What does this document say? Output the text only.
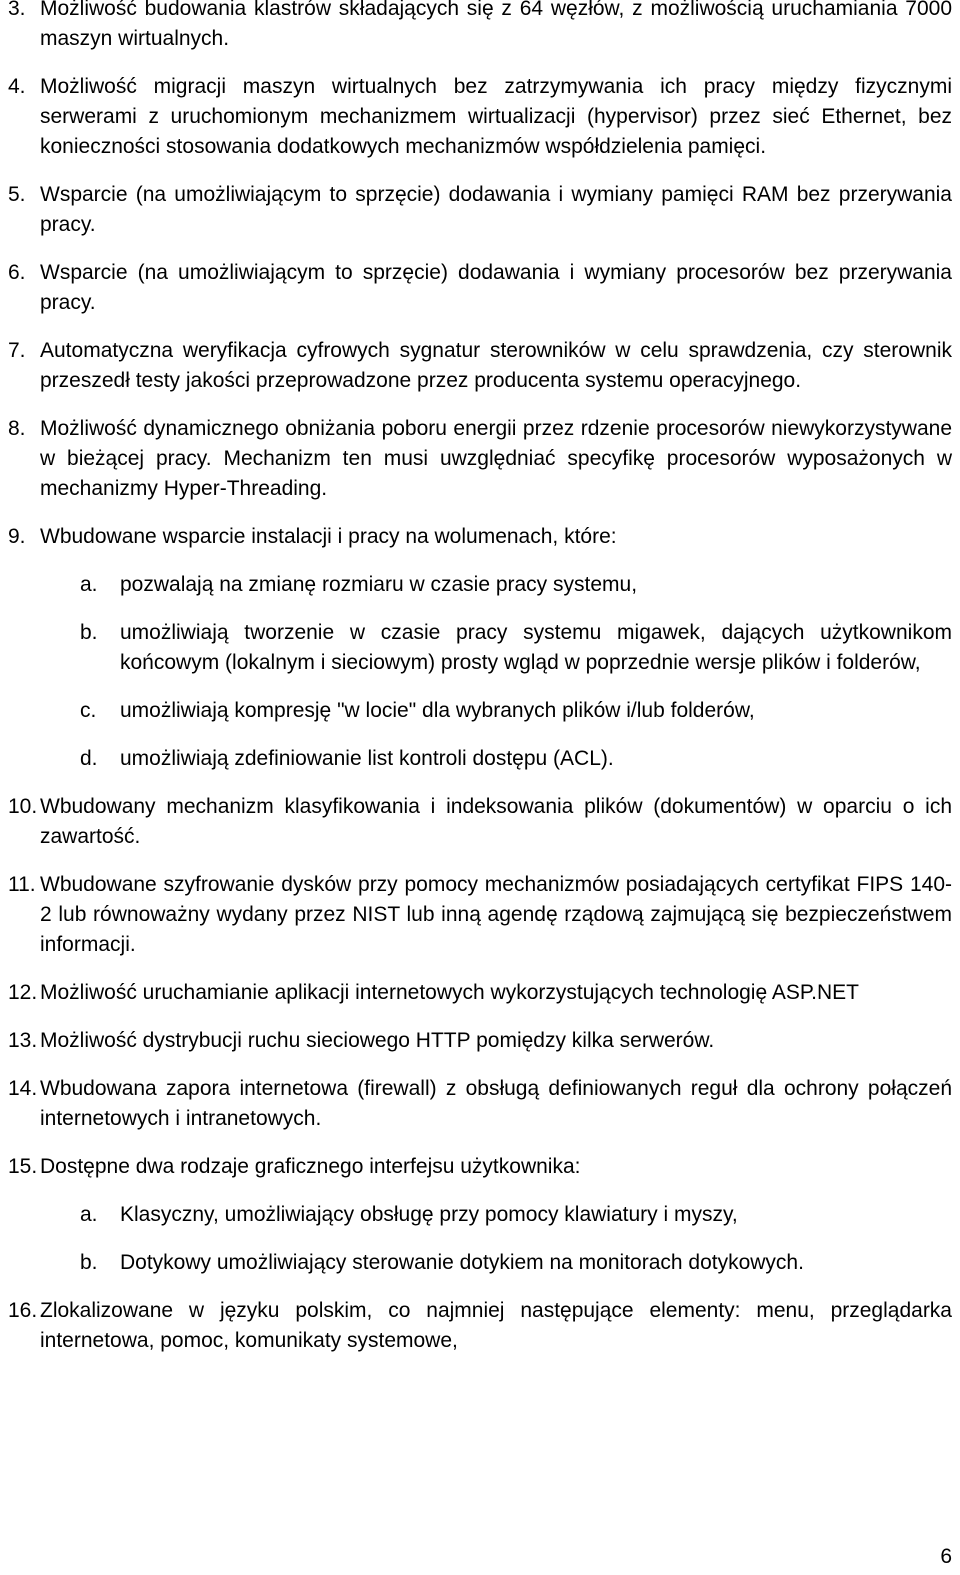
3. Możliwość budowania klastrów składających się z 64 węzłów, z możliwością uruchamiania 7000 maszyn wirtualnych.
4. Możliwość migracji maszyn wirtualnych bez zatrzymywania ich pracy między fizycznymi serwerami z uruchomionym mechanizmem wirtualizacji (hypervisor) przez sieć Ethernet, bez konieczności stosowania dodatkowych mechanizmów współdzielenia pamięci.
5. Wsparcie (na umożliwiającym to sprzęcie) dodawania i wymiany pamięci RAM bez przerywania pracy.
6. Wsparcie (na umożliwiającym to sprzęcie) dodawania i wymiany procesorów bez przerywania pracy.
7. Automatyczna weryfikacja cyfrowych sygnatur sterowników w celu sprawdzenia, czy sterownik przeszedł testy jakości przeprowadzone przez producenta systemu operacyjnego.
8. Możliwość dynamicznego obniżania poboru energii przez rdzenie procesorów niewykorzystywane w bieżącej pracy. Mechanizm ten musi uwzględniać specyfikę procesorów wyposażonych w mechanizmy Hyper-Threading.
9. Wbudowane wsparcie instalacji i pracy na wolumenach, które:
a.	pozwalają na zmianę rozmiaru w czasie pracy systemu,
b.	umożliwiają tworzenie w czasie pracy systemu migawek, dających użytkownikom końcowym (lokalnym i sieciowym) prosty wgląd w poprzednie wersje plików i folderów,
c.	umożliwiają kompresję "w locie" dla wybranych plików i/lub folderów,
d.	umożliwiają zdefiniowanie list kontroli dostępu (ACL).
10. Wbudowany mechanizm klasyfikowania i indeksowania plików (dokumentów) w oparciu o ich zawartość.
11. Wbudowane szyfrowanie dysków przy pomocy mechanizmów posiadających certyfikat FIPS 140-2 lub równoważny wydany przez NIST lub inną agendę rządową zajmującą się bezpieczeństwem informacji.
12. Możliwość uruchamianie aplikacji internetowych wykorzystujących technologię ASP.NET
13. Możliwość dystrybucji ruchu sieciowego HTTP pomiędzy kilka serwerów.
14. Wbudowana zapora internetowa (firewall) z obsługą definiowanych reguł dla ochrony połączeń internetowych i intranetowych.
15. Dostępne dwa rodzaje graficznego interfejsu użytkownika:
a.	Klasyczny, umożliwiający obsługę przy pomocy klawiatury i myszy,
b.	Dotykowy umożliwiający sterowanie dotykiem na monitorach dotykowych.
16. Zlokalizowane w języku polskim, co najmniej następujące elementy: menu, przeglądarka internetowa, pomoc, komunikaty systemowe,
6
